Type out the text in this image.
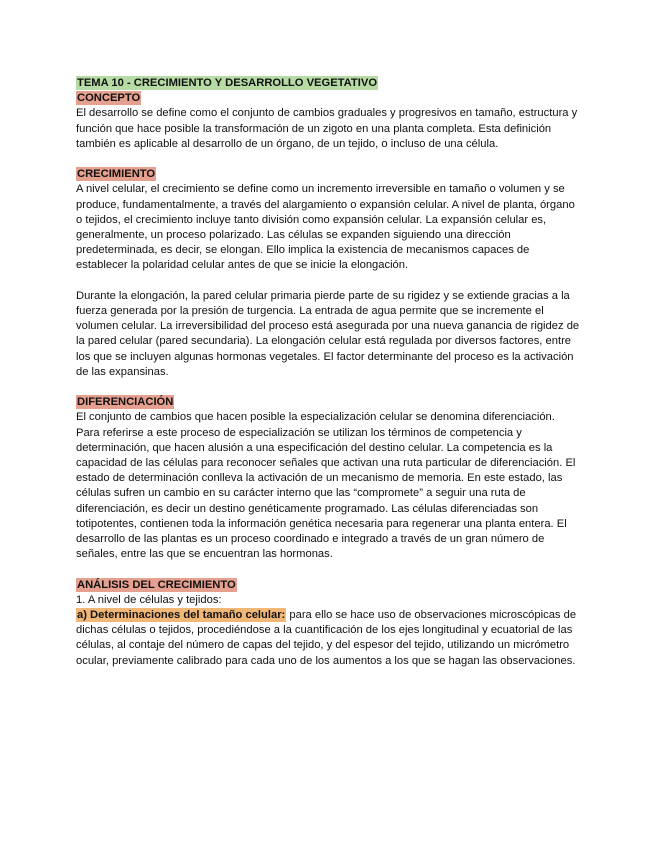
TEMA 10 - CRECIMIENTO Y DESARROLLO VEGETATIVO
CONCEPTO

El desarrollo se define como el conjunto de cambios graduales y progresivos en tamaño, estructura y función que hace posible la transformación de un zigoto en una planta completa. Esta definición también es aplicable al desarrollo de un órgano, de un tejido, o incluso de una célula.

CRECIMIENTO

A nivel celular, el crecimiento se define como un incremento irreversible en tamaño o volumen y se produce, fundamentalmente, a través del alargamiento o expansión celular. A nivel de planta, órgano o tejidos, el crecimiento incluye tanto división como expansión celular. La expansión celular es, generalmente, un proceso polarizado. Las células se expanden siguiendo una dirección predeterminada, es decir, se elongan. Ello implica la existencia de mecanismos capaces de establecer la polaridad celular antes de que se inicie la elongación.

Durante la elongación, la pared celular primaria pierde parte de su rigidez y se extiende gracias a la fuerza generada por la presión de turgencia. La entrada de agua permite que se incremente el volumen celular. La irreversibilidad del proceso está asegurada por una nueva ganancia de rigidez de la pared celular (pared secundaria). La elongación celular está regulada por diversos factores, entre los que se incluyen algunas hormonas vegetales. El factor determinante del proceso es la activación de las expansinas.

DIFERENCIACIÓN

El conjunto de cambios que hacen posible la especialización celular se denomina diferenciación. Para referirse a este proceso de especialización se utilizan los términos de competencia y determinación, que hacen alusión a una especificación del destino celular. La competencia es la capacidad de las células para reconocer señales que activan una ruta particular de diferenciación. El estado de determinación conlleva la activación de un mecanismo de memoria. En este estado, las células sufren un cambio en su carácter interno que las “compromete” a seguir una ruta de diferenciación, es decir un destino genéticamente programado. Las células diferenciadas son totipotentes, contienen toda la información genética necesaria para regenerar una planta entera. El desarrollo de las plantas es un proceso coordinado e integrado a través de un gran número de señales, entre las que se encuentran las hormonas.

ANÁLISIS DEL CRECIMIENTO

1. A nivel de células y tejidos:

a) Determinaciones del tamaño celular: para ello se hace uso de observaciones microscópicas de dichas células o tejidos, procediéndose a la cuantificación de los ejes longitudinal y ecuatorial de las células, al contaje del número de capas del tejido, y del espesor del tejido, utilizando un micrómetro ocular, previamente calibrado para cada uno de los aumentos a los que se hagan las observaciones.
